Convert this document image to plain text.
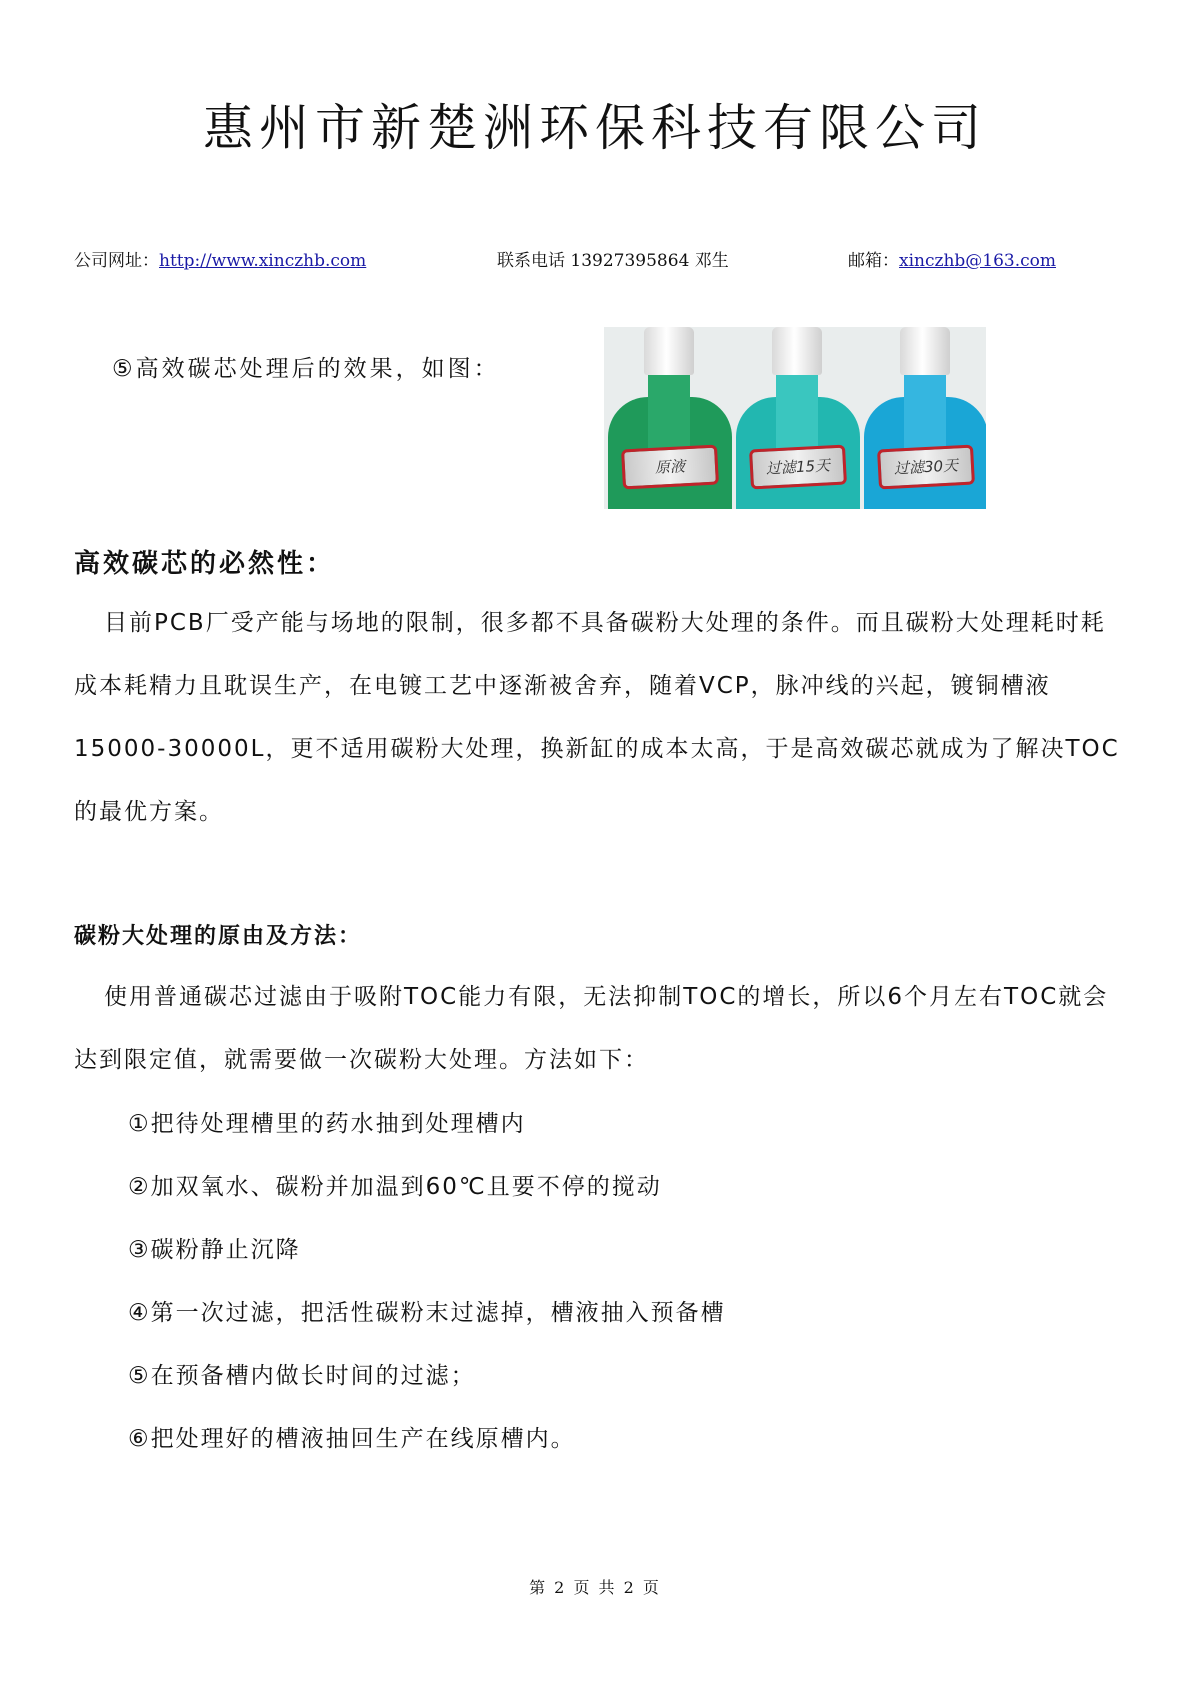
惠州市新楚洲环保科技有限公司
公司网址：http://www.xinczhb.com	联系电话 13927395864 邓生	邮箱：xinczhb@163.com
⑤高效碳芯处理后的效果，如图：
原液	过滤15天	过滤30天
高效碳芯的必然性：

目前PCB厂受产能与场地的限制，很多都不具备碳粉大处理的条件。而且碳粉大处理耗时耗成本耗精力且耽误生产，在电镀工艺中逐渐被舍弃，随着VCP，脉冲线的兴起，镀铜槽液15000-30000L，更不适用碳粉大处理，换新缸的成本太高，于是高效碳芯就成为了解决TOC 的最优方案。

碳粉大处理的原由及方法：

使用普通碳芯过滤由于吸附TOC能力有限，无法抑制TOC的增长，所以6个月左右TOC就会达到限定值，就需要做一次碳粉大处理。方法如下：

①把待处理槽里的药水抽到处理槽内
②加双氧水、碳粉并加温到60℃且要不停的搅动
③碳粉静止沉降
④第一次过滤，把活性碳粉末过滤掉，槽液抽入预备槽
⑤在预备槽内做长时间的过滤；
⑥把处理好的槽液抽回生产在线原槽内。
第 2 页 共 2 页
